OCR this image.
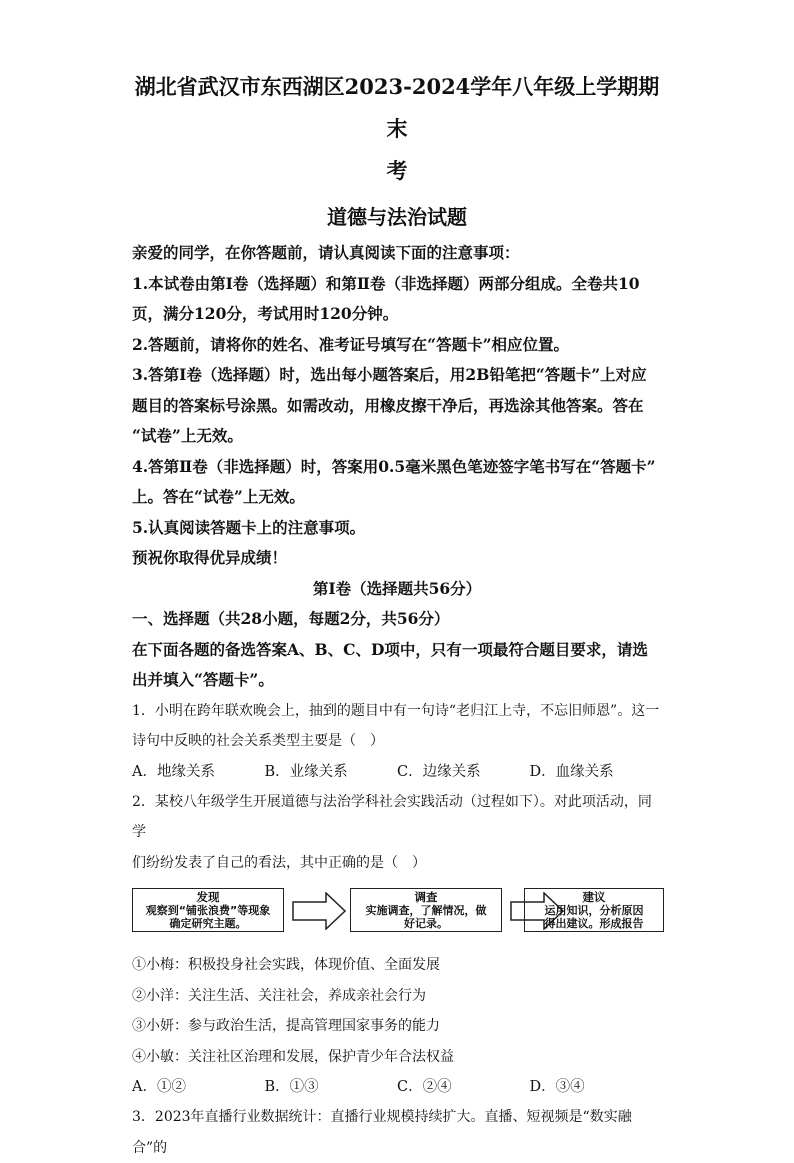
湖北省武汉市东西湖区2023-2024学年八年级上学期期末

考

道德与法治试题

亲爱的同学，在你答题前，请认真阅读下面的注意事项：

1.本试卷由第Ⅰ卷（选择题）和第Ⅱ卷（非选择题）两部分组成。全卷共10

页，满分120分，考试用时120分钟。

2.答题前，请将你的姓名、准考证号填写在“答题卡”相应位置。

3.答第Ⅰ卷（选择题）时，选出每小题答案后，用2B铅笔把“答题卡”上对应

题目的答案标号涂黑。如需改动，用橡皮擦干净后，再选涂其他答案。答在

“试卷”上无效。

4.答第Ⅱ卷（非选择题）时，答案用0.5毫米黑色笔迹签字笔书写在“答题卡”

上。答在“试卷”上无效。

5.认真阅读答题卡上的注意事项。

预祝你取得优异成绩！

第Ⅰ卷（选择题共56分）

一、选择题（共28小题，每题2分，共56分）

在下面各题的备选答案A、B、C、D项中，只有一项最符合题目要求，请选

出并填入“答题卡”。

1．小明在跨年联欢晚会上，抽到的题目中有一句诗“老归江上寺，不忘旧师恩”。这一

诗句中反映的社会关系类型主要是（　）

A．地缘关系	B．业缘关系	C．边缘关系	D．血缘关系

2．某校八年级学生开展道德与法治学科社会实践活动（过程如下）。对此项活动，同学

们纷纷发表了自己的看法，其中正确的是（　）

发现
观察到“铺张浪费”等现象
确定研究主题。
调查
实施调查，了解情况，做
好记录。
建议
运用知识，分析原因
得出建议。形成报告

①小梅：积极投身社会实践，体现价值、全面发展

②小洋：关注生活、关注社会，养成亲社会行为

③小妍：参与政治生活，提高管理国家事务的能力

④小敏：关注社区治理和发展，保护青少年合法权益

A．①②	B．①③	C．②④	D．③④

3．2023年直播行业数据统计：直播行业规模持续扩大。直播、短视频是“数实融合”的
